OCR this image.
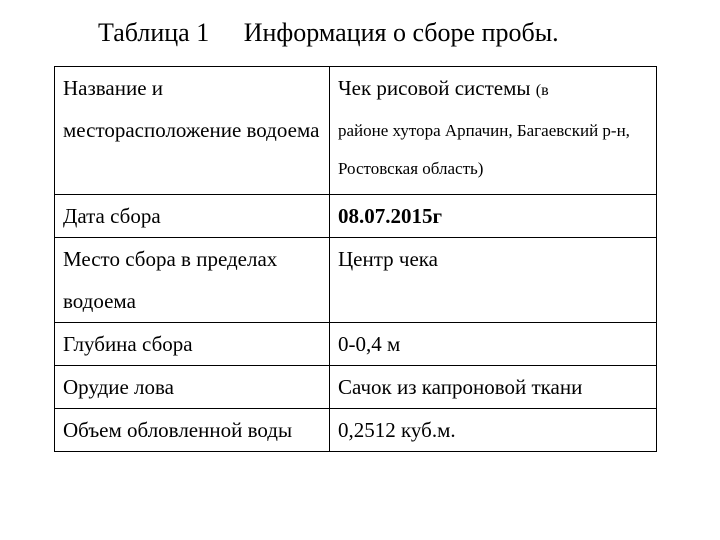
Таблица 1 Информация о сборе пробы.
Название и месторасположение водоема	Чек рисовой системы (в
районе хутора Арпачин, Багаевский р-н, Ростовская область)

Дата сбора	08.07.2015г
Место сбора в пределах водоема	Центр чека
Глубина сбора	0-0,4 м
Орудие лова	Сачок из капроновой ткани
Объем обловленной воды	0,2512 куб.м.
